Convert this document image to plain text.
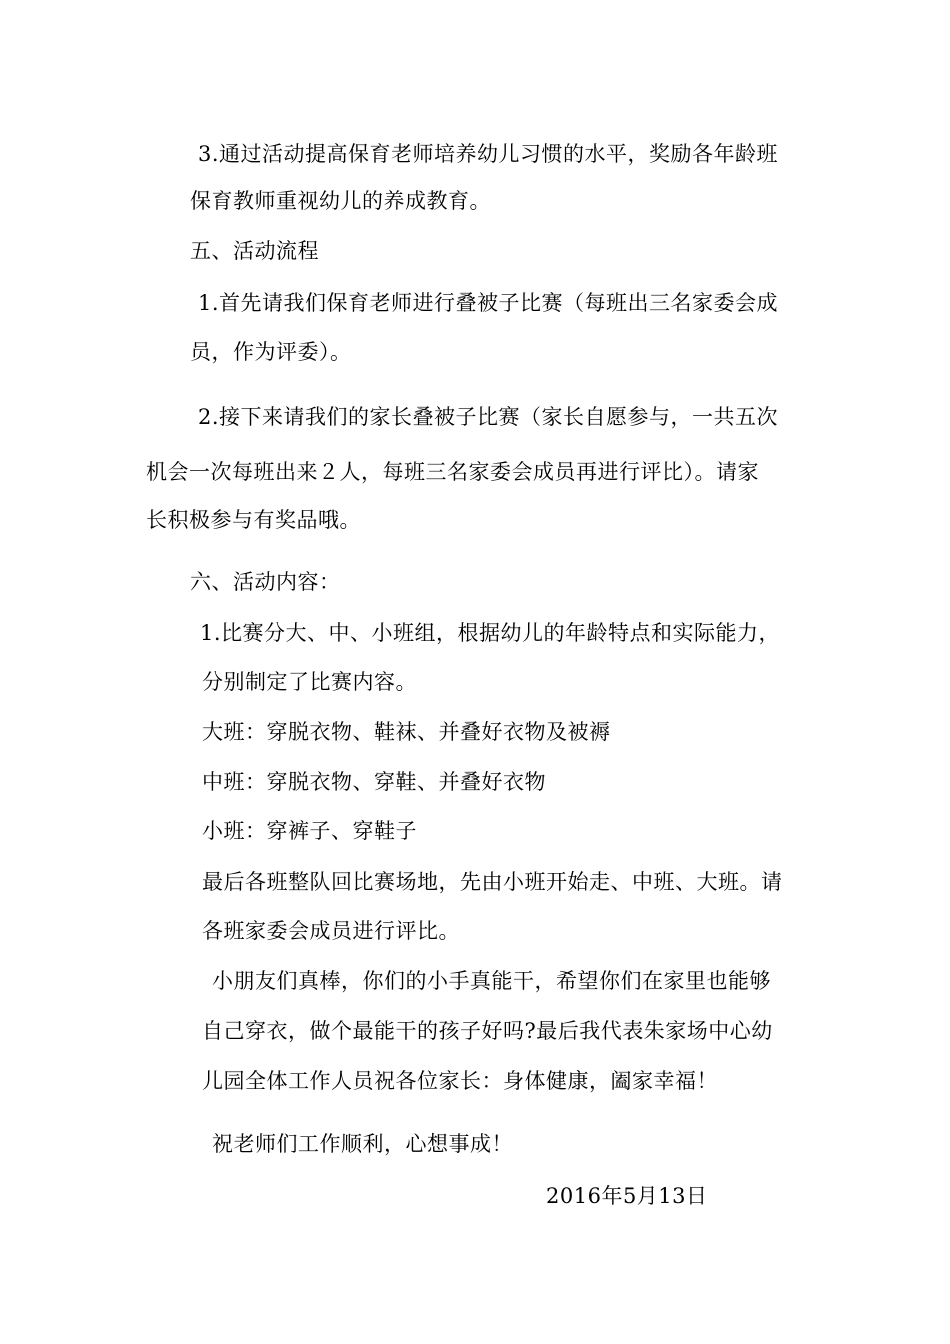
3.通过活动提高保育老师培养幼儿习惯的水平，奖励各年龄班
保育教师重视幼儿的养成教育。
五、活动流程
1.首先请我们保育老师进行叠被子比赛（每班出三名家委会成
员，作为评委）。
2.接下来请我们的家长叠被子比赛（家长自愿参与，一共五次
机会一次每班出来２人，每班三名家委会成员再进行评比）。请家
长积极参与有奖品哦。
六、活动内容：
1.比赛分大、中、小班组，根据幼儿的年龄特点和实际能力，
分别制定了比赛内容。
大班：穿脱衣物、鞋袜、并叠好衣物及被褥
中班：穿脱衣物、穿鞋、并叠好衣物
小班：穿裤子、穿鞋子
最后各班整队回比赛场地，先由小班开始走、中班、大班。请
各班家委会成员进行评比。
小朋友们真棒，你们的小手真能干，希望你们在家里也能够
自己穿衣，做个最能干的孩子好吗?最后我代表朱家场中心幼
儿园全体工作人员祝各位家长：身体健康，阖家幸福！
祝老师们工作顺利，心想事成！
2016年5月13日
